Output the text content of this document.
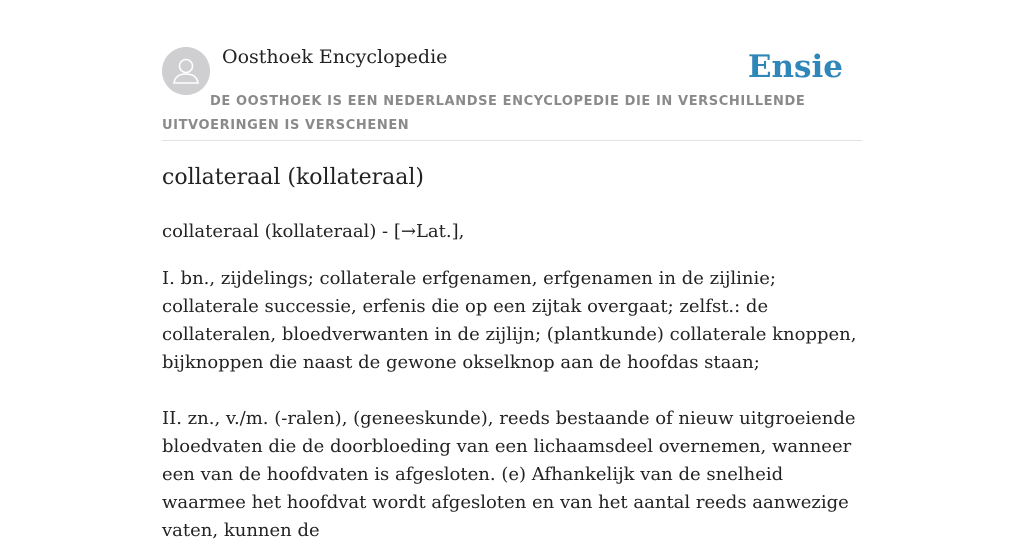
Oosthoek Encyclopedie	Ensie
DE OOSTHOEK IS EEN NEDERLANDSE ENCYCLOPEDIE DIE IN VERSCHILLENDE UITVOERINGEN IS VERSCHENEN
collateraal (kollateraal)

collateraal (kollateraal) - [→Lat.],

I. bn., zijdelings; collaterale erfgenamen, erfgenamen in de zijlinie; collaterale successie, erfenis die op een zijtak overgaat; zelfst.: de collateralen, bloedverwanten in de zijlijn; (plantkunde) collaterale knoppen, bijknoppen die naast de gewone okselknop aan de hoofdas staan;

II. zn., v./m. (-ralen), (geneeskunde), reeds bestaande of nieuw uitgroeiende bloedvaten die de doorbloeding van een lichaamsdeel overnemen, wanneer een van de hoofdvaten is afgesloten. (e) Afhankelijk van de snelheid waarmee het hoofdvat wordt afgesloten en van het aantal reeds aanwezige vaten, kunnen de
